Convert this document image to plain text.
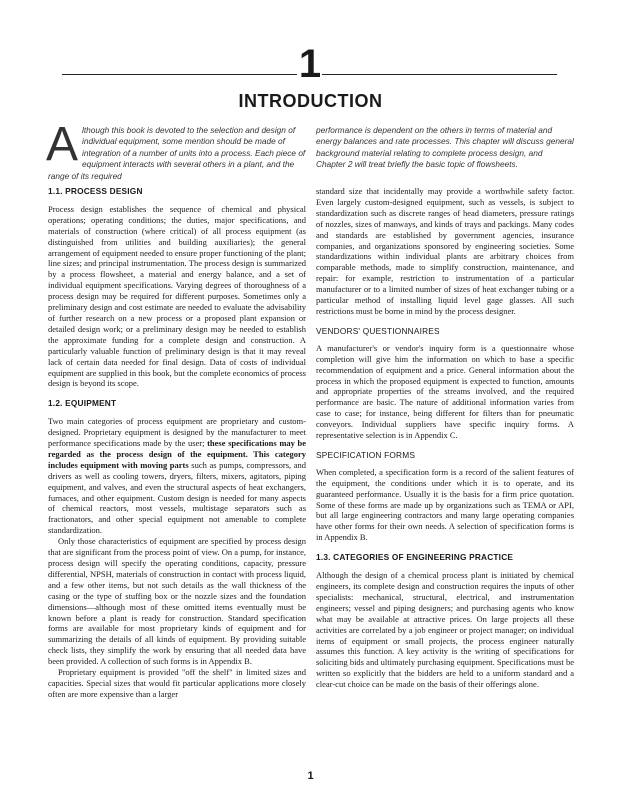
1
INTRODUCTION
Although this book is devoted to the selection and design of individual equipment, some mention should be made of integration of a number of units into a process. Each piece of equipment interacts with several others in a plant, and the range of its required
performance is dependent on the others in terms of material and energy balances and rate processes. This chapter will discuss general background material relating to complete process design, and Chapter 2 will treat briefly the basic topic of flowsheets.
1.1. PROCESS DESIGN

Process design establishes the sequence of chemical and physical operations; operating conditions; the duties, major specifications, and materials of construction (where critical) of all process equipment (as distinguished from utilities and building auxiliaries); the general arrangement of equipment needed to ensure proper functioning of the plant; line sizes; and principal instrumentation. The process design is summarized by a process flowsheet, a material and energy balance, and a set of individual equipment specifications. Varying degrees of thoroughness of a process design may be required for different purposes. Sometimes only a preliminary design and cost estimate are needed to evaluate the advisability of further research on a new process or a proposed plant expansion or detailed design work; or a preliminary design may be needed to establish the approximate funding for a complete design and construction. A particularly valuable function of preliminary design is that it may reveal lack of certain data needed for final design. Data of costs of individual equipment are supplied in this book, but the complete economics of process design is beyond its scope.

1.2. EQUIPMENT

Two main categories of process equipment are proprietary and custom-designed. Proprietary equipment is designed by the manufacturer to meet performance specifications made by the user; these specifications may be regarded as the process design of the equipment. This category includes equipment with moving parts such as pumps, compressors, and drivers as well as cooling towers, dryers, filters, mixers, agitators, piping equipment, and valves, and even the structural aspects of heat exchangers, furnaces, and other equipment. Custom design is needed for many aspects of chemical reactors, most vessels, multistage separators such as fractionators, and other special equipment not amenable to complete standardization.

Only those characteristics of equipment are specified by process design that are significant from the process point of view. On a pump, for instance, process design will specify the operating conditions, capacity, pressure differential, NPSH, materials of construction in contact with process liquid, and a few other items, but not such details as the wall thickness of the casing or the type of stuffing box or the nozzle sizes and the foundation dimensions—although most of these omitted items eventually must be known before a plant is ready for construction. Standard specification forms are available for most proprietary kinds of equipment and for summarizing the details of all kinds of equipment. By providing suitable check lists, they simplify the work by ensuring that all needed data have been provided. A collection of such forms is in Appendix B.

Proprietary equipment is provided "off the shelf" in limited sizes and capacities. Special sizes that would fit particular applications more closely often are more expensive than a larger

standard size that incidentally may provide a worthwhile safety factor. Even largely custom-designed equipment, such as vessels, is subject to standardization such as discrete ranges of head diameters, pressure ratings of nozzles, sizes of manways, and kinds of trays and packings. Many codes and standards are established by government agencies, insurance companies, and organizations sponsored by engineering societies. Some standardizations within individual plants are arbitrary choices from comparable methods, made to simplify construction, maintenance, and repair: for example, restriction to instrumentation of a particular manufacturer or to a limited number of sizes of heat exchanger tubing or a particular method of installing liquid level gage glasses. All such restrictions must be borne in mind by the process designer.

VENDORS' QUESTIONNAIRES

A manufacturer's or vendor's inquiry form is a questionnaire whose completion will give him the information on which to base a specific recommendation of equipment and a price. General information about the process in which the proposed equipment is expected to function, amounts and appropriate properties of the streams involved, and the required performance are basic. The nature of additional information varies from case to case; for instance, being different for filters than for pneumatic conveyors. Individual suppliers have specific inquiry forms. A representative selection is in Appendix C.

SPECIFICATION FORMS

When completed, a specification form is a record of the salient features of the equipment, the conditions under which it is to operate, and its guaranteed performance. Usually it is the basis for a firm price quotation. Some of these forms are made up by organizations such as TEMA or API, but all large engineering contractors and many large operating companies have other forms for their own needs. A selection of specification forms is in Appendix B.

1.3. CATEGORIES OF ENGINEERING PRACTICE

Although the design of a chemical process plant is initiated by chemical engineers, its complete design and construction requires the inputs of other specialists: mechanical, structural, electrical, and instrumentation engineers; vessel and piping designers; and purchasing agents who know what may be available at attractive prices. On large projects all these activities are correlated by a job engineer or project manager; on individual items of equipment or small projects, the process engineer naturally assumes this function. A key activity is the writing of specifications for soliciting bids and ultimately purchasing equipment. Specifications must be written so explicitly that the bidders are held to a uniform standard and a clear-cut choice can be made on the basis of their offerings alone.

1
